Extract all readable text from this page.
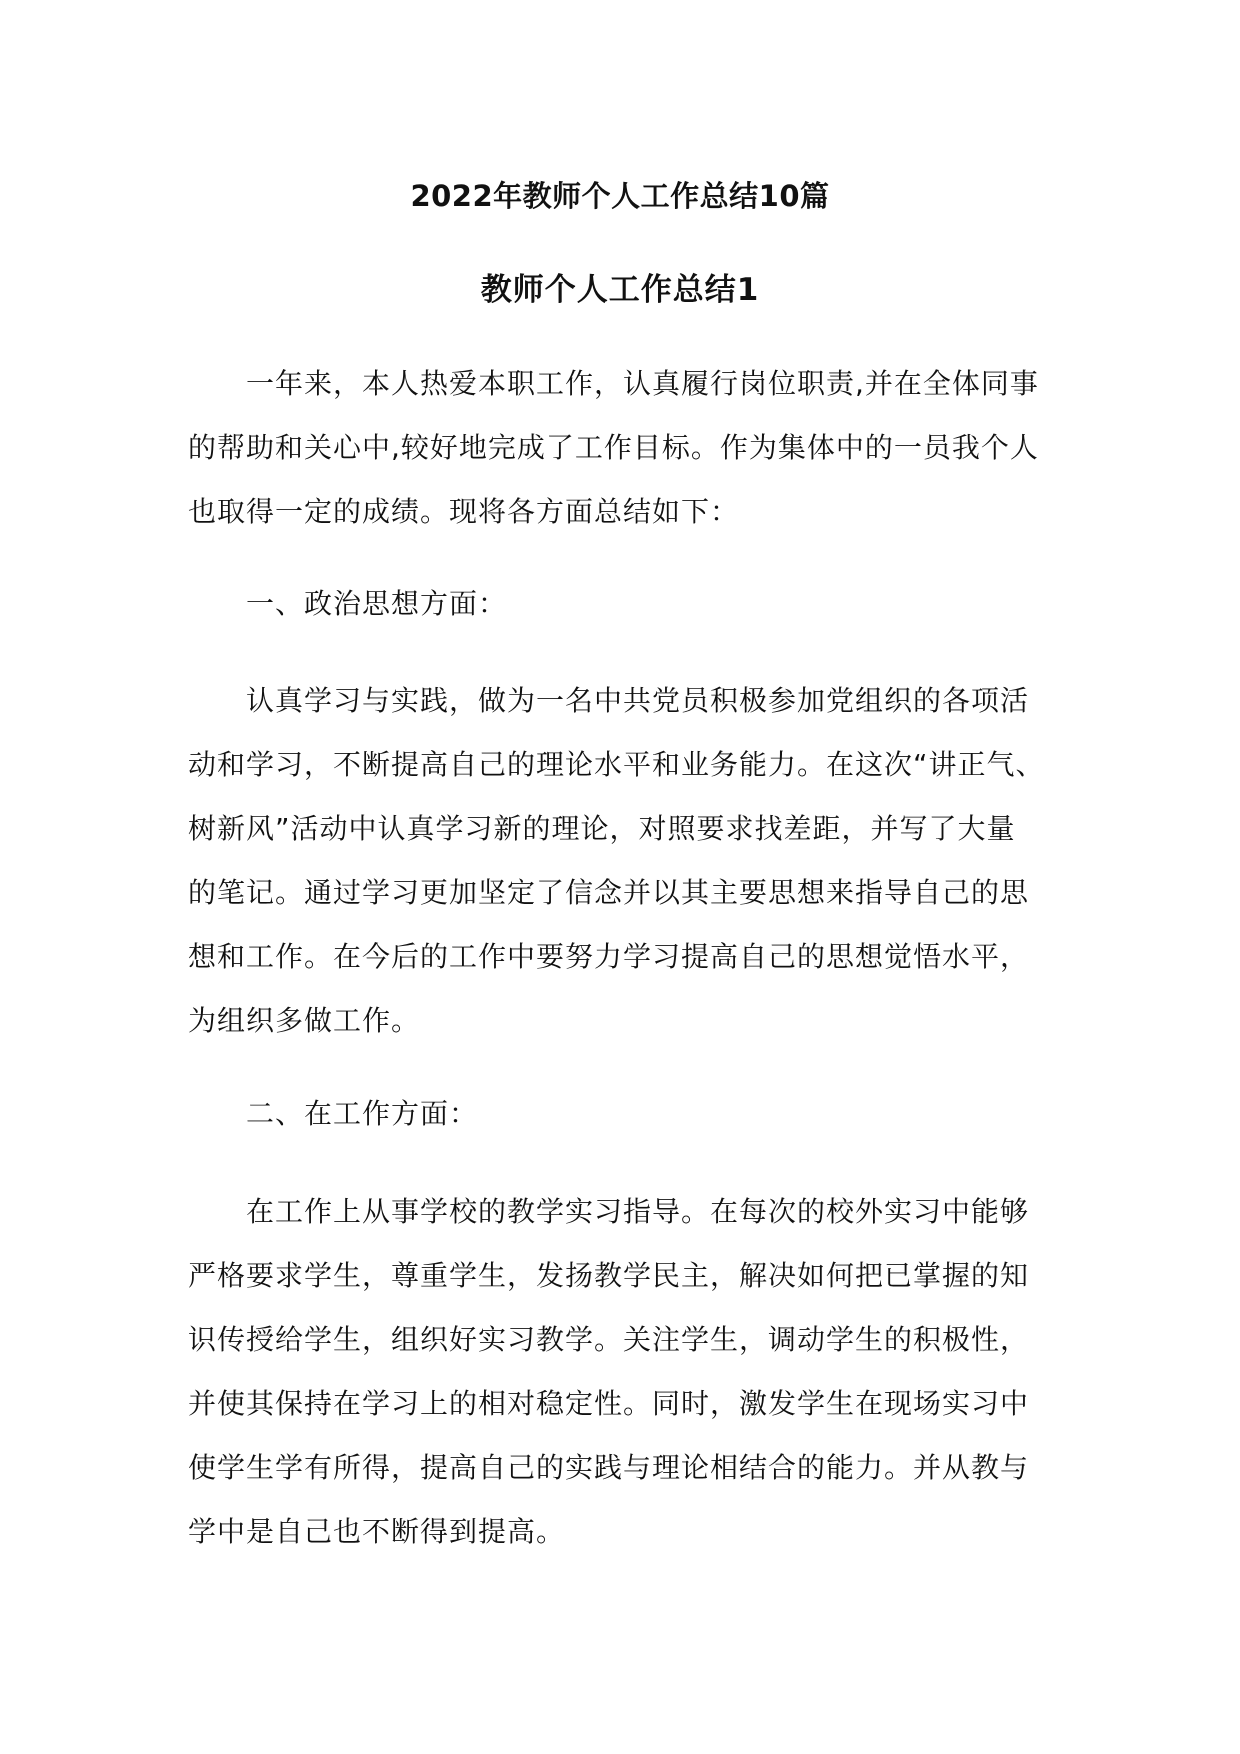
2022年教师个人工作总结10篇
教师个人工作总结1
一年来，本人热爱本职工作，认真履行岗位职责,并在全体同事
的帮助和关心中,较好地完成了工作目标。作为集体中的一员我个人
也取得一定的成绩。现将各方面总结如下：
一、政治思想方面：
认真学习与实践，做为一名中共党员积极参加党组织的各项活
动和学习，不断提高自己的理论水平和业务能力。在这次“讲正气、
树新风”活动中认真学习新的理论，对照要求找差距，并写了大量
的笔记。通过学习更加坚定了信念并以其主要思想来指导自己的思
想和工作。在今后的工作中要努力学习提高自己的思想觉悟水平，
为组织多做工作。
二、在工作方面：
在工作上从事学校的教学实习指导。在每次的校外实习中能够
严格要求学生，尊重学生，发扬教学民主，解决如何把已掌握的知
识传授给学生，组织好实习教学。关注学生，调动学生的积极性，
并使其保持在学习上的相对稳定性。同时，激发学生在现场实习中
使学生学有所得，提高自己的实践与理论相结合的能力。并从教与
学中是自己也不断得到提高。
